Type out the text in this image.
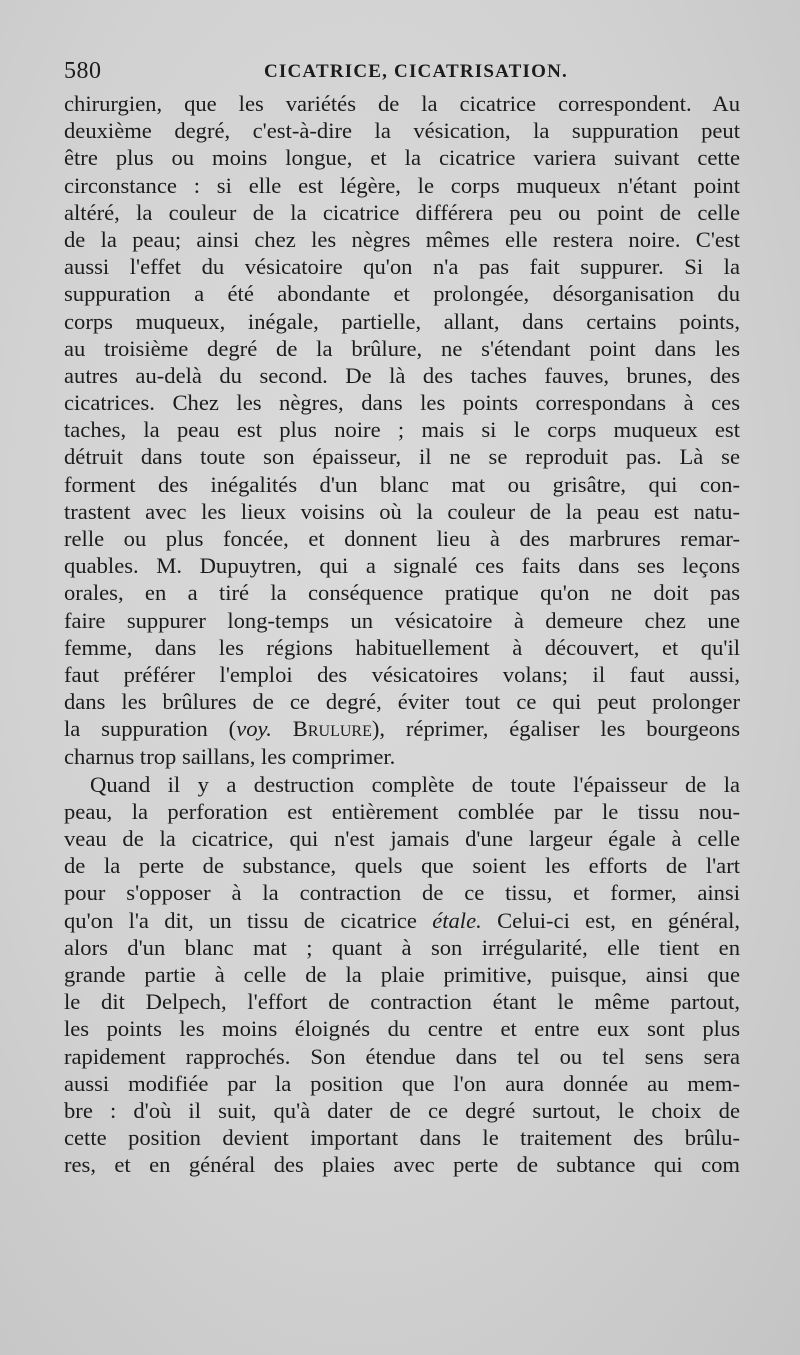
580	CICATRICE, CICATRISATION.
chirurgien, que les variétés de la cicatrice correspondent. Au
deuxième degré, c'est-à-dire la vésication, la suppuration peut
être plus ou moins longue, et la cicatrice variera suivant cette
circonstance : si elle est légère, le corps muqueux n'étant point
altéré, la couleur de la cicatrice différera peu ou point de celle
de la peau; ainsi chez les nègres mêmes elle restera noire. C'est
aussi l'effet du vésicatoire qu'on n'a pas fait suppurer. Si la
suppuration a été abondante et prolongée, désorganisation du
corps muqueux, inégale, partielle, allant, dans certains points,
au troisième degré de la brûlure, ne s'étendant point dans les
autres au-delà du second. De là des taches fauves, brunes, des
cicatrices. Chez les nègres, dans les points correspondans à ces
taches, la peau est plus noire ; mais si le corps muqueux est
détruit dans toute son épaisseur, il ne se reproduit pas. Là se
forment des inégalités d'un blanc mat ou grisâtre, qui con-
trastent avec les lieux voisins où la couleur de la peau est natu-
relle ou plus foncée, et donnent lieu à des marbrures remar-
quables. M. Dupuytren, qui a signalé ces faits dans ses leçons
orales, en a tiré la conséquence pratique qu'on ne doit pas
faire suppurer long-temps un vésicatoire à demeure chez une
femme, dans les régions habituellement à découvert, et qu'il
faut préférer l'emploi des vésicatoires volans; il faut aussi,
dans les brûlures de ce degré, éviter tout ce qui peut prolonger
la suppuration (voy. Brulure), réprimer, égaliser les bourgeons
charnus trop saillans, les comprimer.
Quand il y a destruction complète de toute l'épaisseur de la
peau, la perforation est entièrement comblée par le tissu nou-
veau de la cicatrice, qui n'est jamais d'une largeur égale à celle
de la perte de substance, quels que soient les efforts de l'art
pour s'opposer à la contraction de ce tissu, et former, ainsi
qu'on l'a dit, un tissu de cicatrice étale. Celui-ci est, en général,
alors d'un blanc mat ; quant à son irrégularité, elle tient en
grande partie à celle de la plaie primitive, puisque, ainsi que
le dit Delpech, l'effort de contraction étant le même partout,
les points les moins éloignés du centre et entre eux sont plus
rapidement rapprochés. Son étendue dans tel ou tel sens sera
aussi modifiée par la position que l'on aura donnée au mem-
bre : d'où il suit, qu'à dater de ce degré surtout, le choix de
cette position devient important dans le traitement des brûlu-
res, et en général des plaies avec perte de subtance qui com
